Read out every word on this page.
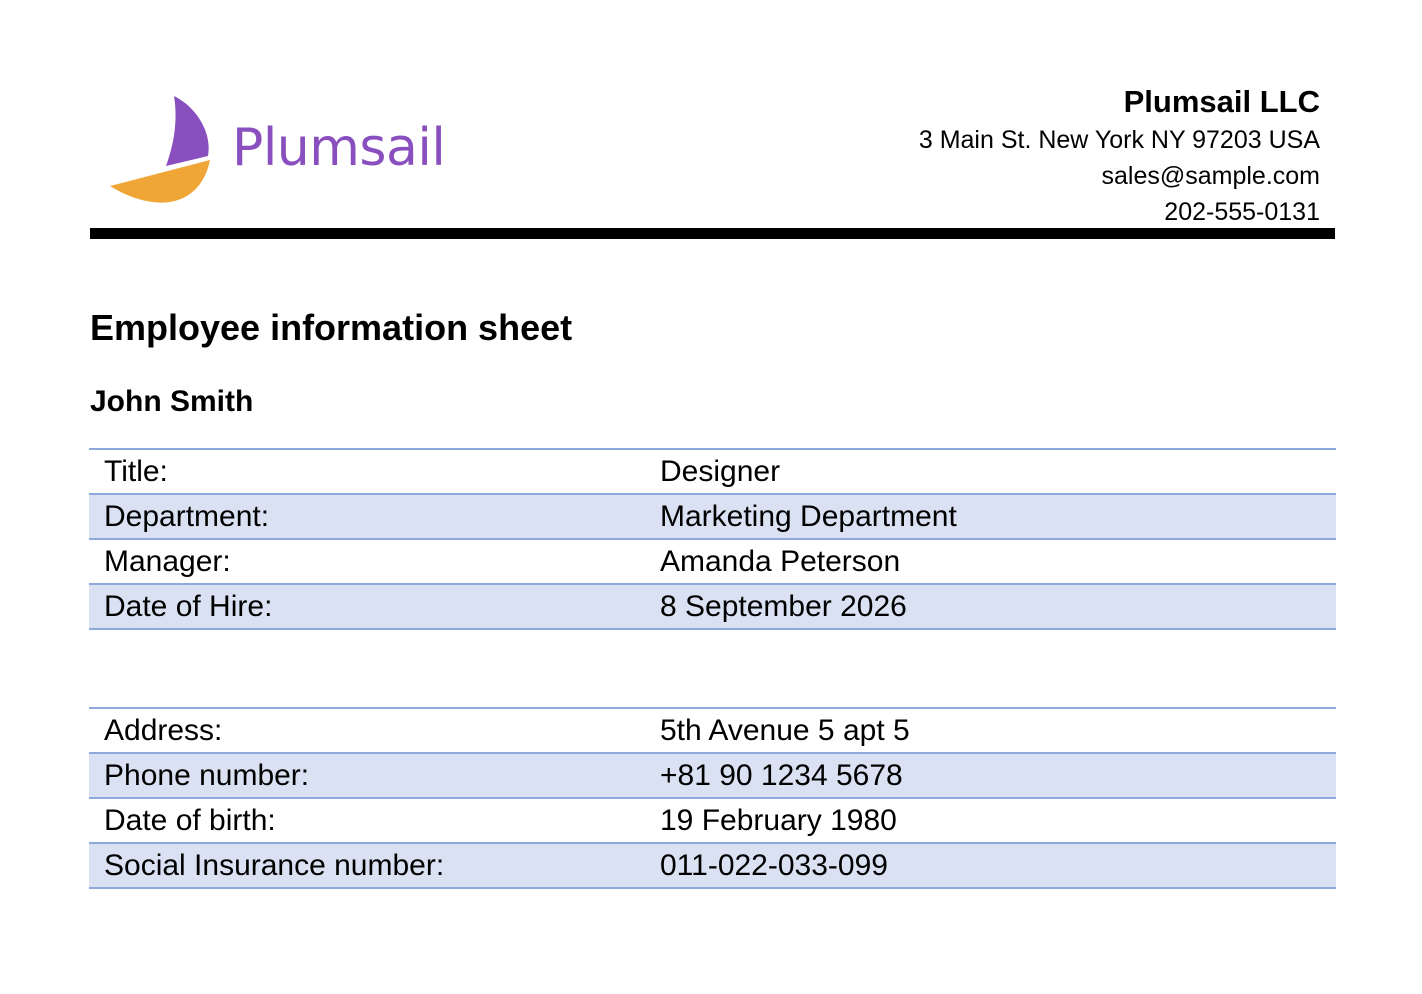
Plumsail
Plumsail LLC
3 Main St. New York NY 97203 USA
sales@sample.com
202-555-0131
Employee information sheet
John Smith
Title:	Designer
Department:	Marketing Department
Manager:	Amanda Peterson
Date of Hire:	8 September 2026
Address:	5th Avenue 5 apt 5
Phone number:	+81 90 1234 5678
Date of birth:	19 February 1980
Social Insurance number:	011-022-033-099
